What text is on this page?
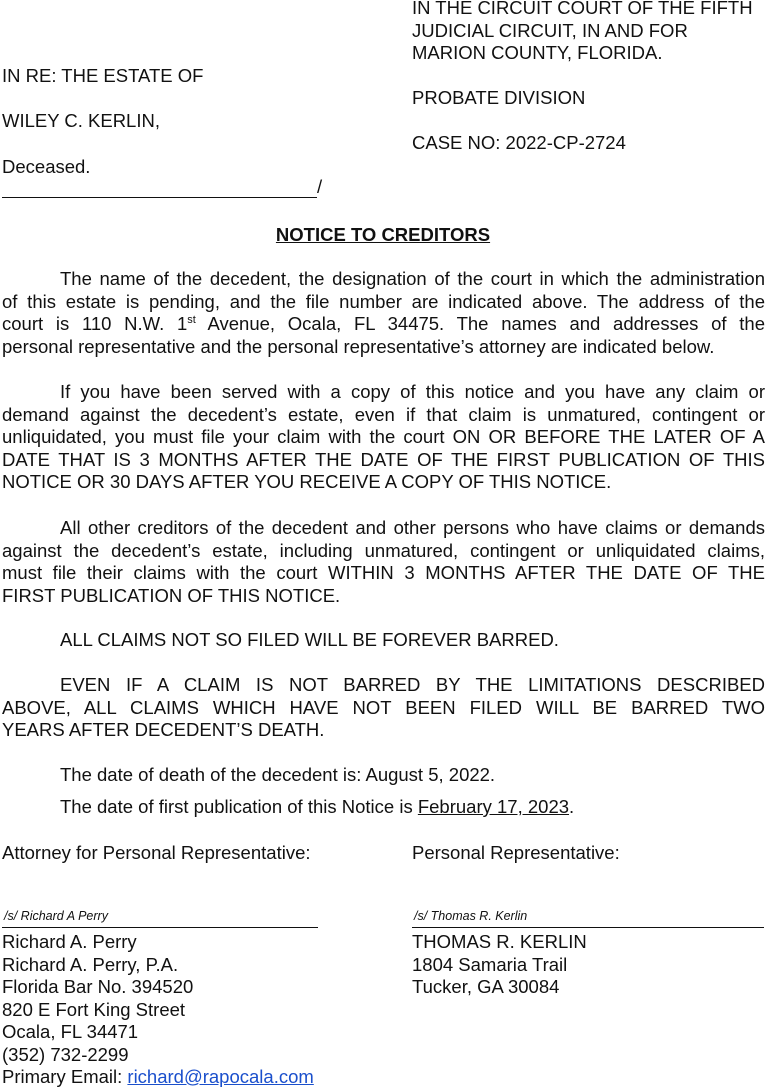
IN THE CIRCUIT COURT OF THE FIFTH
JUDICIAL CIRCUIT, IN AND FOR
MARION COUNTY, FLORIDA.
PROBATE DIVISION
CASE NO: 2022-CP-2724
IN RE: THE ESTATE OF
WILEY C. KERLIN,
Deceased.
/
NOTICE TO CREDITORS
The name of the decedent, the designation of the court in which the administration
of this estate is pending, and the file number are indicated above. The address of the
court is 110 N.W. 1st Avenue, Ocala, FL 34475. The names and addresses of the
personal representative and the personal representative’s attorney are indicated below.
If you have been served with a copy of this notice and you have any claim or
demand against the decedent’s estate, even if that claim is unmatured, contingent or
unliquidated, you must file your claim with the court ON OR BEFORE THE LATER OF A
DATE THAT IS 3 MONTHS AFTER THE DATE OF THE FIRST PUBLICATION OF THIS
NOTICE OR 30 DAYS AFTER YOU RECEIVE A COPY OF THIS NOTICE.
All other creditors of the decedent and other persons who have claims or demands
against the decedent’s estate, including unmatured, contingent or unliquidated claims,
must file their claims with the court WITHIN 3 MONTHS AFTER THE DATE OF THE
FIRST PUBLICATION OF THIS NOTICE.
ALL CLAIMS NOT SO FILED WILL BE FOREVER BARRED.
EVEN IF A CLAIM IS NOT BARRED BY THE LIMITATIONS DESCRIBED
ABOVE, ALL CLAIMS WHICH HAVE NOT BEEN FILED WILL BE BARRED TWO
YEARS AFTER DECEDENT’S DEATH.
The date of death of the decedent is: August 5, 2022.
The date of first publication of this Notice is February 17, 2023.
Attorney for Personal Representative:	Personal Representative:
/s/ Richard A Perry
Richard A. Perry
Richard A. Perry, P.A.
Florida Bar No. 394520
820 E Fort King Street
Ocala, FL 34471
(352) 732-2299
Primary Email: richard@rapocala.com
/s/ Thomas R. Kerlin
THOMAS R. KERLIN
1804 Samaria Trail
Tucker, GA 30084
